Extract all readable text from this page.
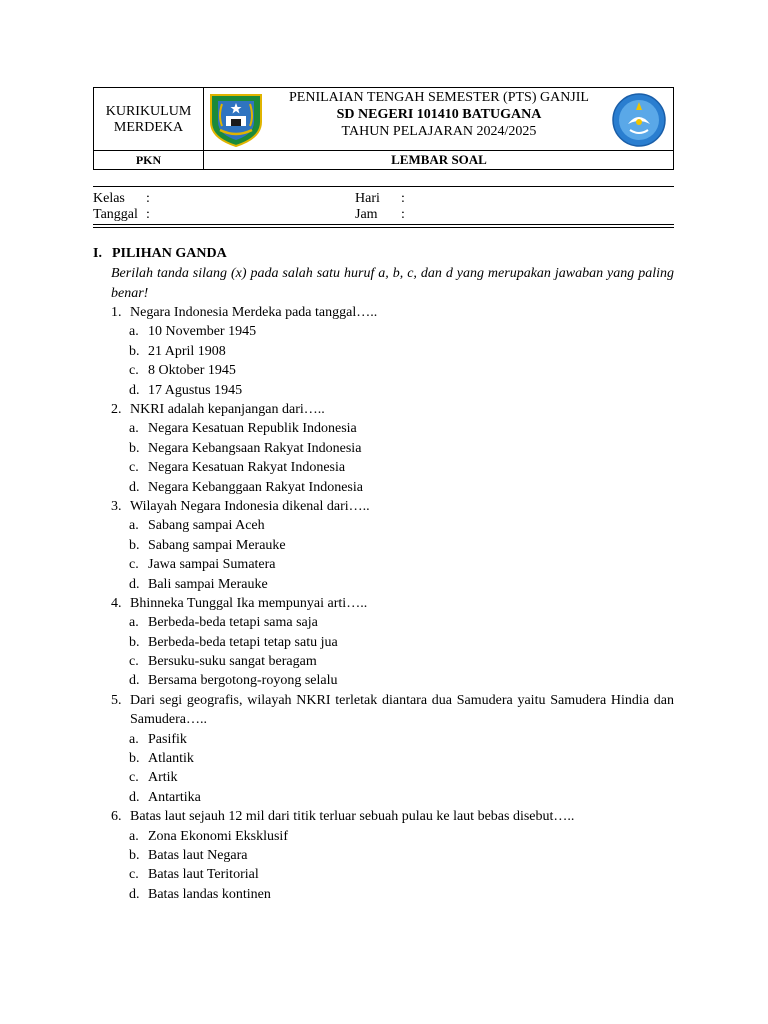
KURIKULUM
MERDEKA
PENILAIAN TENGAH SEMESTER (PTS) GANJIL
SD NEGERI 101410 BATUGANA
TAHUN PELAJARAN 2024/2025
PKN	LEMBAR SOAL
Kelas :
Tanggal :
Hari :
Jam :
I. PILIHAN GANDA
Berilah tanda silang (x) pada salah satu huruf a, b, c, dan d yang merupakan jawaban yang paling benar!
1. Negara Indonesia Merdeka pada tanggal…..
a. 10 November 1945
b. 21 April 1908
c. 8 Oktober 1945
d. 17 Agustus 1945
2. NKRI adalah kepanjangan dari…..
a. Negara Kesatuan Republik Indonesia
b. Negara Kebangsaan Rakyat Indonesia
c. Negara Kesatuan Rakyat Indonesia
d. Negara Kebanggaan Rakyat Indonesia
3. Wilayah Negara Indonesia dikenal dari…..
a. Sabang sampai Aceh
b. Sabang sampai Merauke
c. Jawa sampai Sumatera
d. Bali sampai Merauke
4. Bhinneka Tunggal Ika mempunyai arti…..
a. Berbeda-beda tetapi sama saja
b. Berbeda-beda tetapi tetap satu jua
c. Bersuku-suku sangat beragam
d. Bersama bergotong-royong selalu
5. Dari segi geografis, wilayah NKRI terletak diantara dua Samudera yaitu Samudera Hindia dan Samudera…..
a. Pasifik
b. Atlantik
c. Artik
d. Antartika
6. Batas laut sejauh 12 mil dari titik terluar sebuah pulau ke laut bebas disebut…..
a. Zona Ekonomi Eksklusif
b. Batas laut Negara
c. Batas laut Teritorial
d. Batas landas kontinen
